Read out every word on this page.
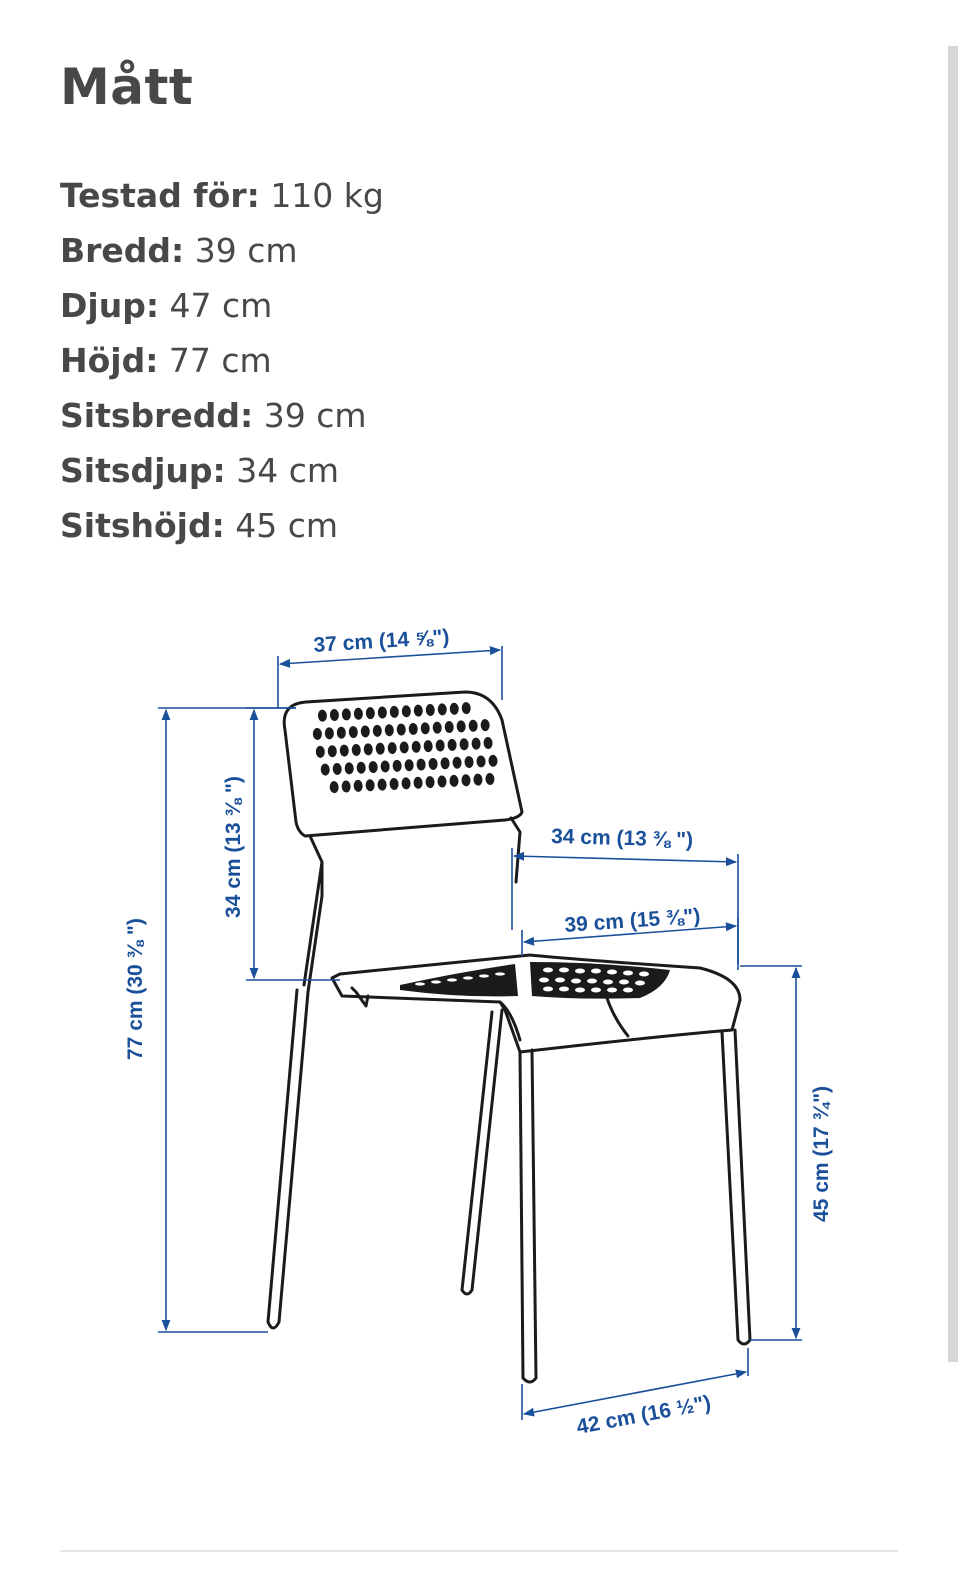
Mått
Testad för: 110 kg
Bredd: 39 cm
Djup: 47 cm
Höjd: 77 cm
Sitsbredd: 39 cm
Sitsdjup: 34 cm
Sitshöjd: 45 cm
37 cm (14 ⅝")
34 cm (13 ⅜ ")
77 cm (30 ⅜ ")
34 cm (13 ⅜ ")
39 cm (15 ⅜")
45 cm (17 ¾")
42 cm (16 ½")
